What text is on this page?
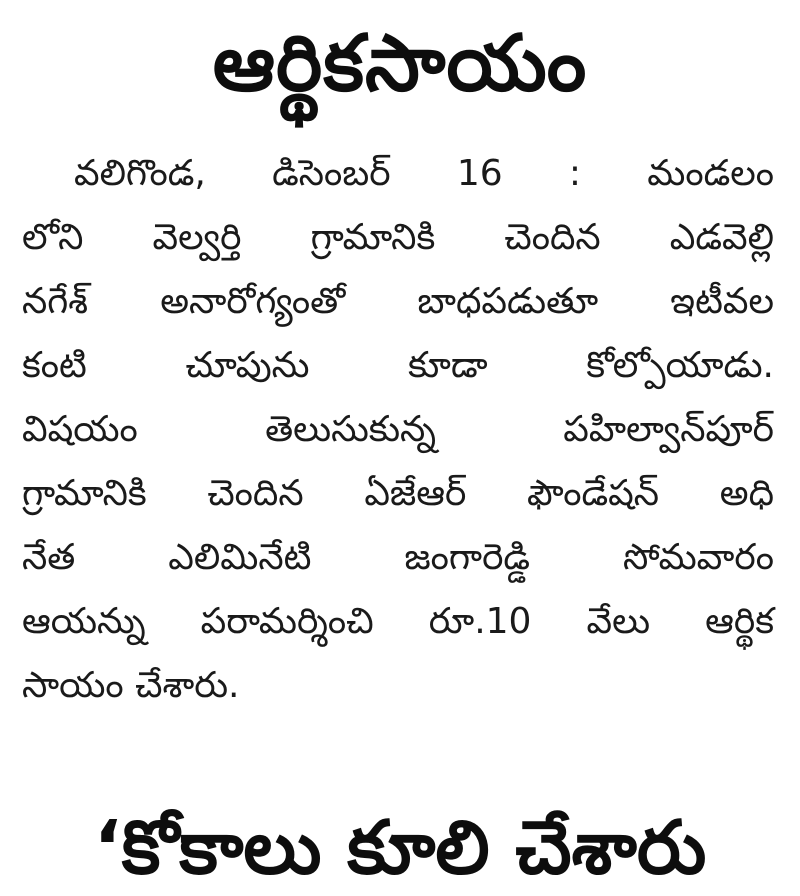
ఆర్థికసాయం
వలిగొండ, డిసెంబర్ 16 : మండలం
లోని వెల్వర్తి గ్రామానికి చెందిన ఎడవెల్లి
నగేశ్ అనారోగ్యంతో బాధపడుతూ ఇటీవల
కంటి చూపును కూడా కోల్పోయాడు.
విషయం తెలుసుకున్న పహిల్వాన్‌పూర్
గ్రామానికి చెందిన ఏజేఆర్ ఫౌండేషన్ అధి
నేత ఎలిమినేటి జంగారెడ్డి సోమవారం
ఆయన్ను పరామర్శించి రూ.10 వేలు ఆర్థిక
సాయం చేశారు.
‘కోకాలు కూలి చేశారు
